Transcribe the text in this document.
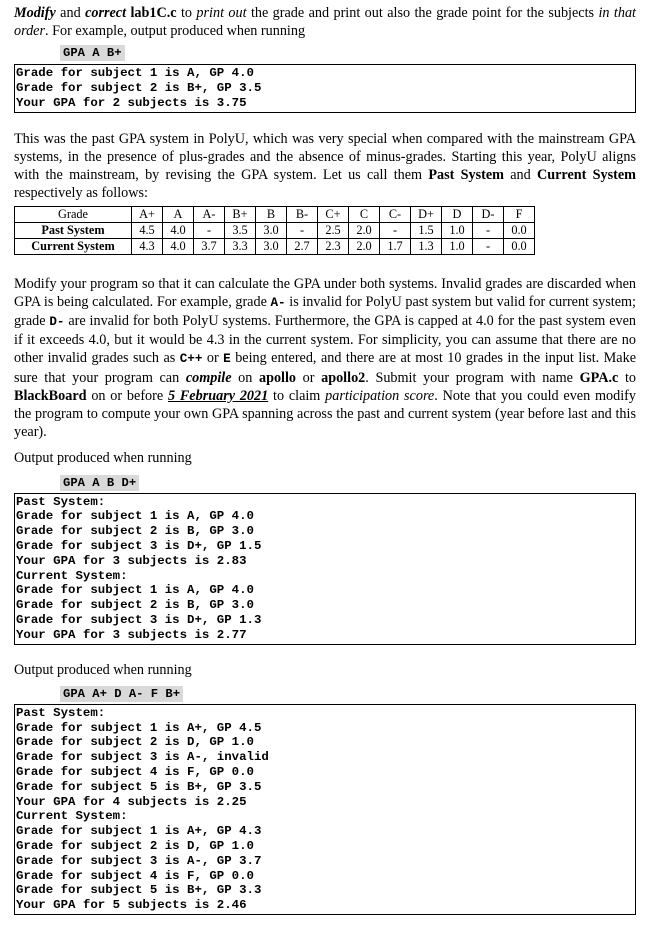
Modify and correct lab1C.c to print out the grade and print out also the grade point for the subjects in that order. For example, output produced when running

GPA A B+
Grade for subject 1 is A, GP 4.0
Grade for subject 2 is B+, GP 3.5
Your GPA for 2 subjects is 3.75

This was the past GPA system in PolyU, which was very special when compared with the mainstream GPA systems, in the presence of plus-grades and the absence of minus-grades. Starting this year, PolyU aligns with the mainstream, by revising the GPA system. Let us call them Past System and Current System respectively as follows:

Grade	A+	A	A-	B+	B	B-	C+	C	C-	D+	D	D-	F
Past System	4.5	4.0	-	3.5	3.0	-	2.5	2.0	-	1.5	1.0	-	0.0
Current System	4.3	4.0	3.7	3.3	3.0	2.7	2.3	2.0	1.7	1.3	1.0	-	0.0

Modify your program so that it can calculate the GPA under both systems. Invalid grades are discarded when GPA is being calculated. For example, grade A- is invalid for PolyU past system but valid for current system; grade D- are invalid for both PolyU systems. Furthermore, the GPA is capped at 4.0 for the past system even if it exceeds 4.0, but it would be 4.3 in the current system. For simplicity, you can assume that there are no other invalid grades such as C++ or E being entered, and there are at most 10 grades in the input list. Make sure that your program can compile on apollo or apollo2. Submit your program with name GPA.c to BlackBoard on or before 5 February 2021 to claim participation score. Note that you could even modify the program to compute your own GPA spanning across the past and current system (year before last and this year).

Output produced when running

GPA A B D+
Past System:
Grade for subject 1 is A, GP 4.0
Grade for subject 2 is B, GP 3.0
Grade for subject 3 is D+, GP 1.5
Your GPA for 3 subjects is 2.83
Current System:
Grade for subject 1 is A, GP 4.0
Grade for subject 2 is B, GP 3.0
Grade for subject 3 is D+, GP 1.3
Your GPA for 3 subjects is 2.77

Output produced when running

GPA A+ D A- F B+
Past System:
Grade for subject 1 is A+, GP 4.5
Grade for subject 2 is D, GP 1.0
Grade for subject 3 is A-, invalid
Grade for subject 4 is F, GP 0.0
Grade for subject 5 is B+, GP 3.5
Your GPA for 4 subjects is 2.25
Current System:
Grade for subject 1 is A+, GP 4.3
Grade for subject 2 is D, GP 1.0
Grade for subject 3 is A-, GP 3.7
Grade for subject 4 is F, GP 0.0
Grade for subject 5 is B+, GP 3.3
Your GPA for 5 subjects is 2.46
